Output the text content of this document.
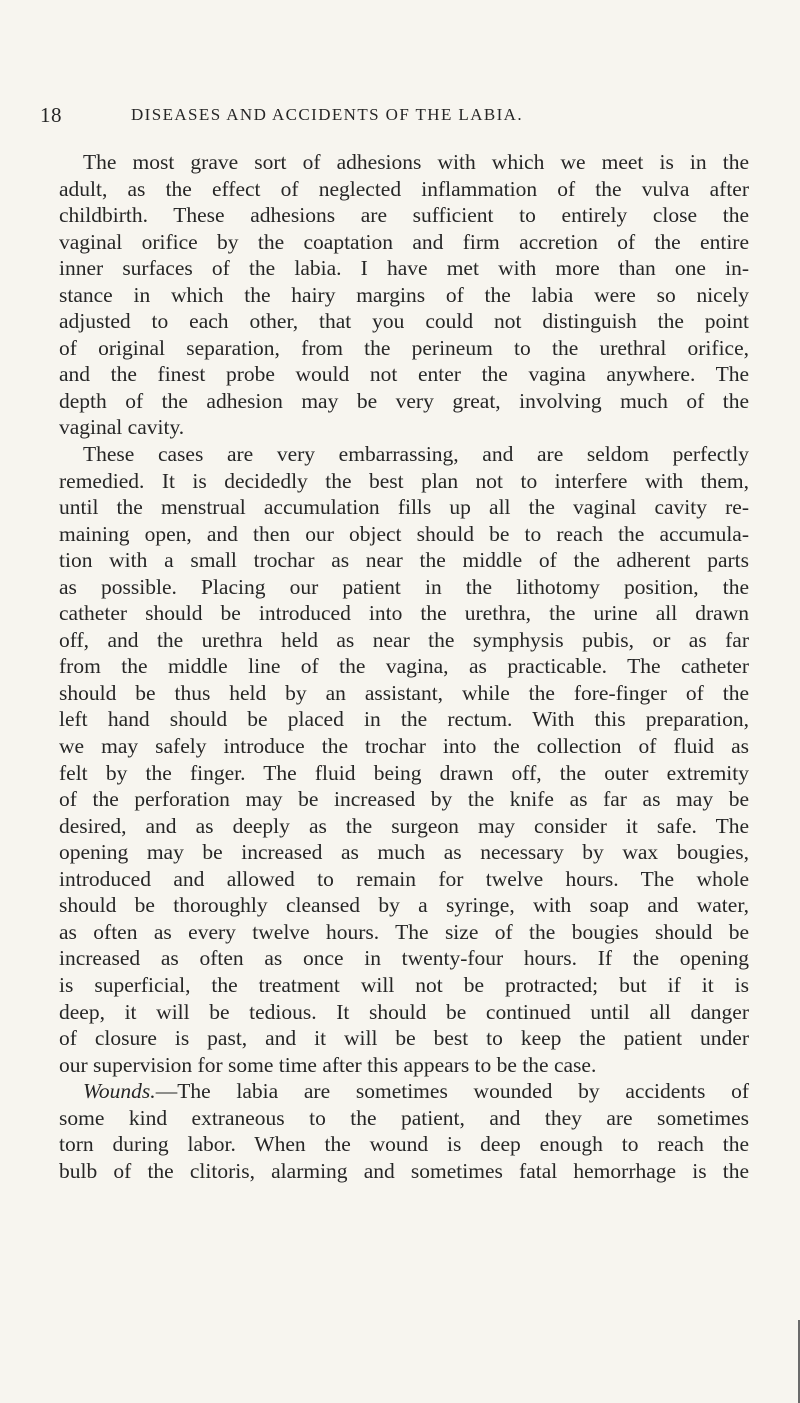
18	DISEASES AND ACCIDENTS OF THE LABIA.
The most grave sort of adhesions with which we meet is in the
adult, as the effect of neglected inflammation of the vulva after
childbirth. These adhesions are sufficient to entirely close the
vaginal orifice by the coaptation and firm accretion of the entire
inner surfaces of the labia. I have met with more than one in-
stance in which the hairy margins of the labia were so nicely
adjusted to each other, that you could not distinguish the point
of original separation, from the perineum to the urethral orifice,
and the finest probe would not enter the vagina anywhere. The
depth of the adhesion may be very great, involving much of the
vaginal cavity.
These cases are very embarrassing, and are seldom perfectly
remedied. It is decidedly the best plan not to interfere with them,
until the menstrual accumulation fills up all the vaginal cavity re-
maining open, and then our object should be to reach the accumula-
tion with a small trochar as near the middle of the adherent parts
as possible. Placing our patient in the lithotomy position, the
catheter should be introduced into the urethra, the urine all drawn
off, and the urethra held as near the symphysis pubis, or as far
from the middle line of the vagina, as practicable. The catheter
should be thus held by an assistant, while the fore-finger of the
left hand should be placed in the rectum. With this preparation,
we may safely introduce the trochar into the collection of fluid as
felt by the finger. The fluid being drawn off, the outer extremity
of the perforation may be increased by the knife as far as may be
desired, and as deeply as the surgeon may consider it safe. The
opening may be increased as much as necessary by wax bougies,
introduced and allowed to remain for twelve hours. The whole
should be thoroughly cleansed by a syringe, with soap and water,
as often as every twelve hours. The size of the bougies should be
increased as often as once in twenty-four hours. If the opening
is superficial, the treatment will not be protracted; but if it is
deep, it will be tedious. It should be continued until all danger
of closure is past, and it will be best to keep the patient under
our supervision for some time after this appears to be the case.
Wounds.—The labia are sometimes wounded by accidents of
some kind extraneous to the patient, and they are sometimes
torn during labor. When the wound is deep enough to reach the
bulb of the clitoris, alarming and sometimes fatal hemorrhage is the
